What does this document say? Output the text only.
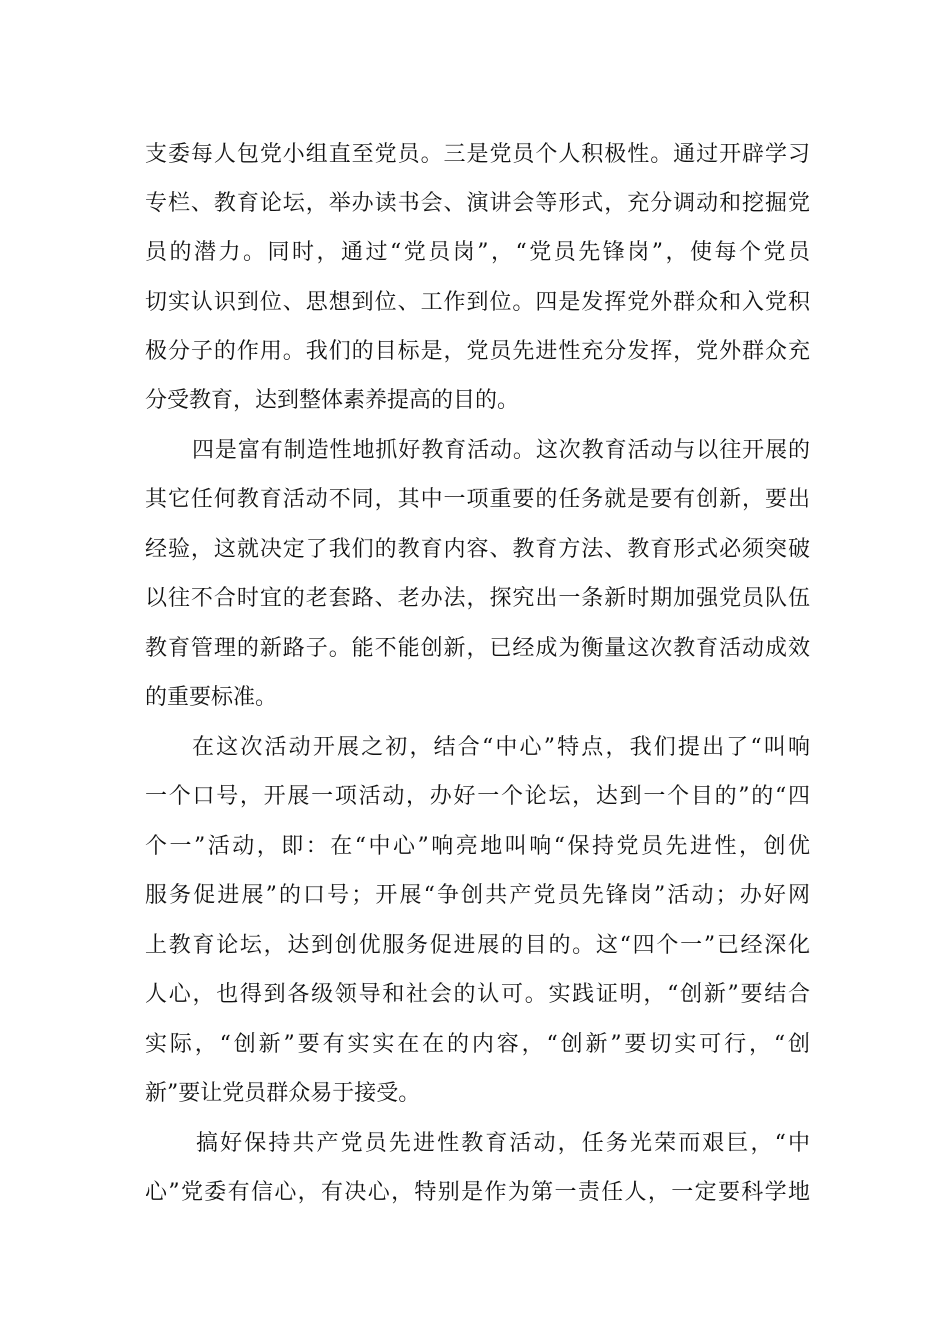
支委每人包党小组直至党员。三是党员个人积极性。通过开辟学习
专栏、教育论坛，举办读书会、演讲会等形式，充分调动和挖掘党
员的潜力。同时，通过“党员岗”，“党员先锋岗”，使每个党员
切实认识到位、思想到位、工作到位。四是发挥党外群众和入党积
极分子的作用。我们的目标是，党员先进性充分发挥，党外群众充
分受教育，达到整体素养提高的目的。
四是富有制造性地抓好教育活动。这次教育活动与以往开展的
其它任何教育活动不同，其中一项重要的任务就是要有创新，要出
经验，这就决定了我们的教育内容、教育方法、教育形式必须突破
以往不合时宜的老套路、老办法，探究出一条新时期加强党员队伍
教育管理的新路子。能不能创新，已经成为衡量这次教育活动成效
的重要标准。
在这次活动开展之初，结合“中心”特点，我们提出了“叫响
一个口号，开展一项活动，办好一个论坛，达到一个目的”的“四
个一”活动，即：在“中心”响亮地叫响“保持党员先进性，创优
服务促进展”的口号；开展“争创共产党员先锋岗”活动；办好网
上教育论坛，达到创优服务促进展的目的。这“四个一”已经深化
人心，也得到各级领导和社会的认可。实践证明，“创新”要结合
实际，“创新”要有实实在在的内容，“创新”要切实可行，“创
新”要让党员群众易于接受。
搞好保持共产党员先进性教育活动，任务光荣而艰巨，“中
心”党委有信心，有决心，特别是作为第一责任人，一定要科学地
